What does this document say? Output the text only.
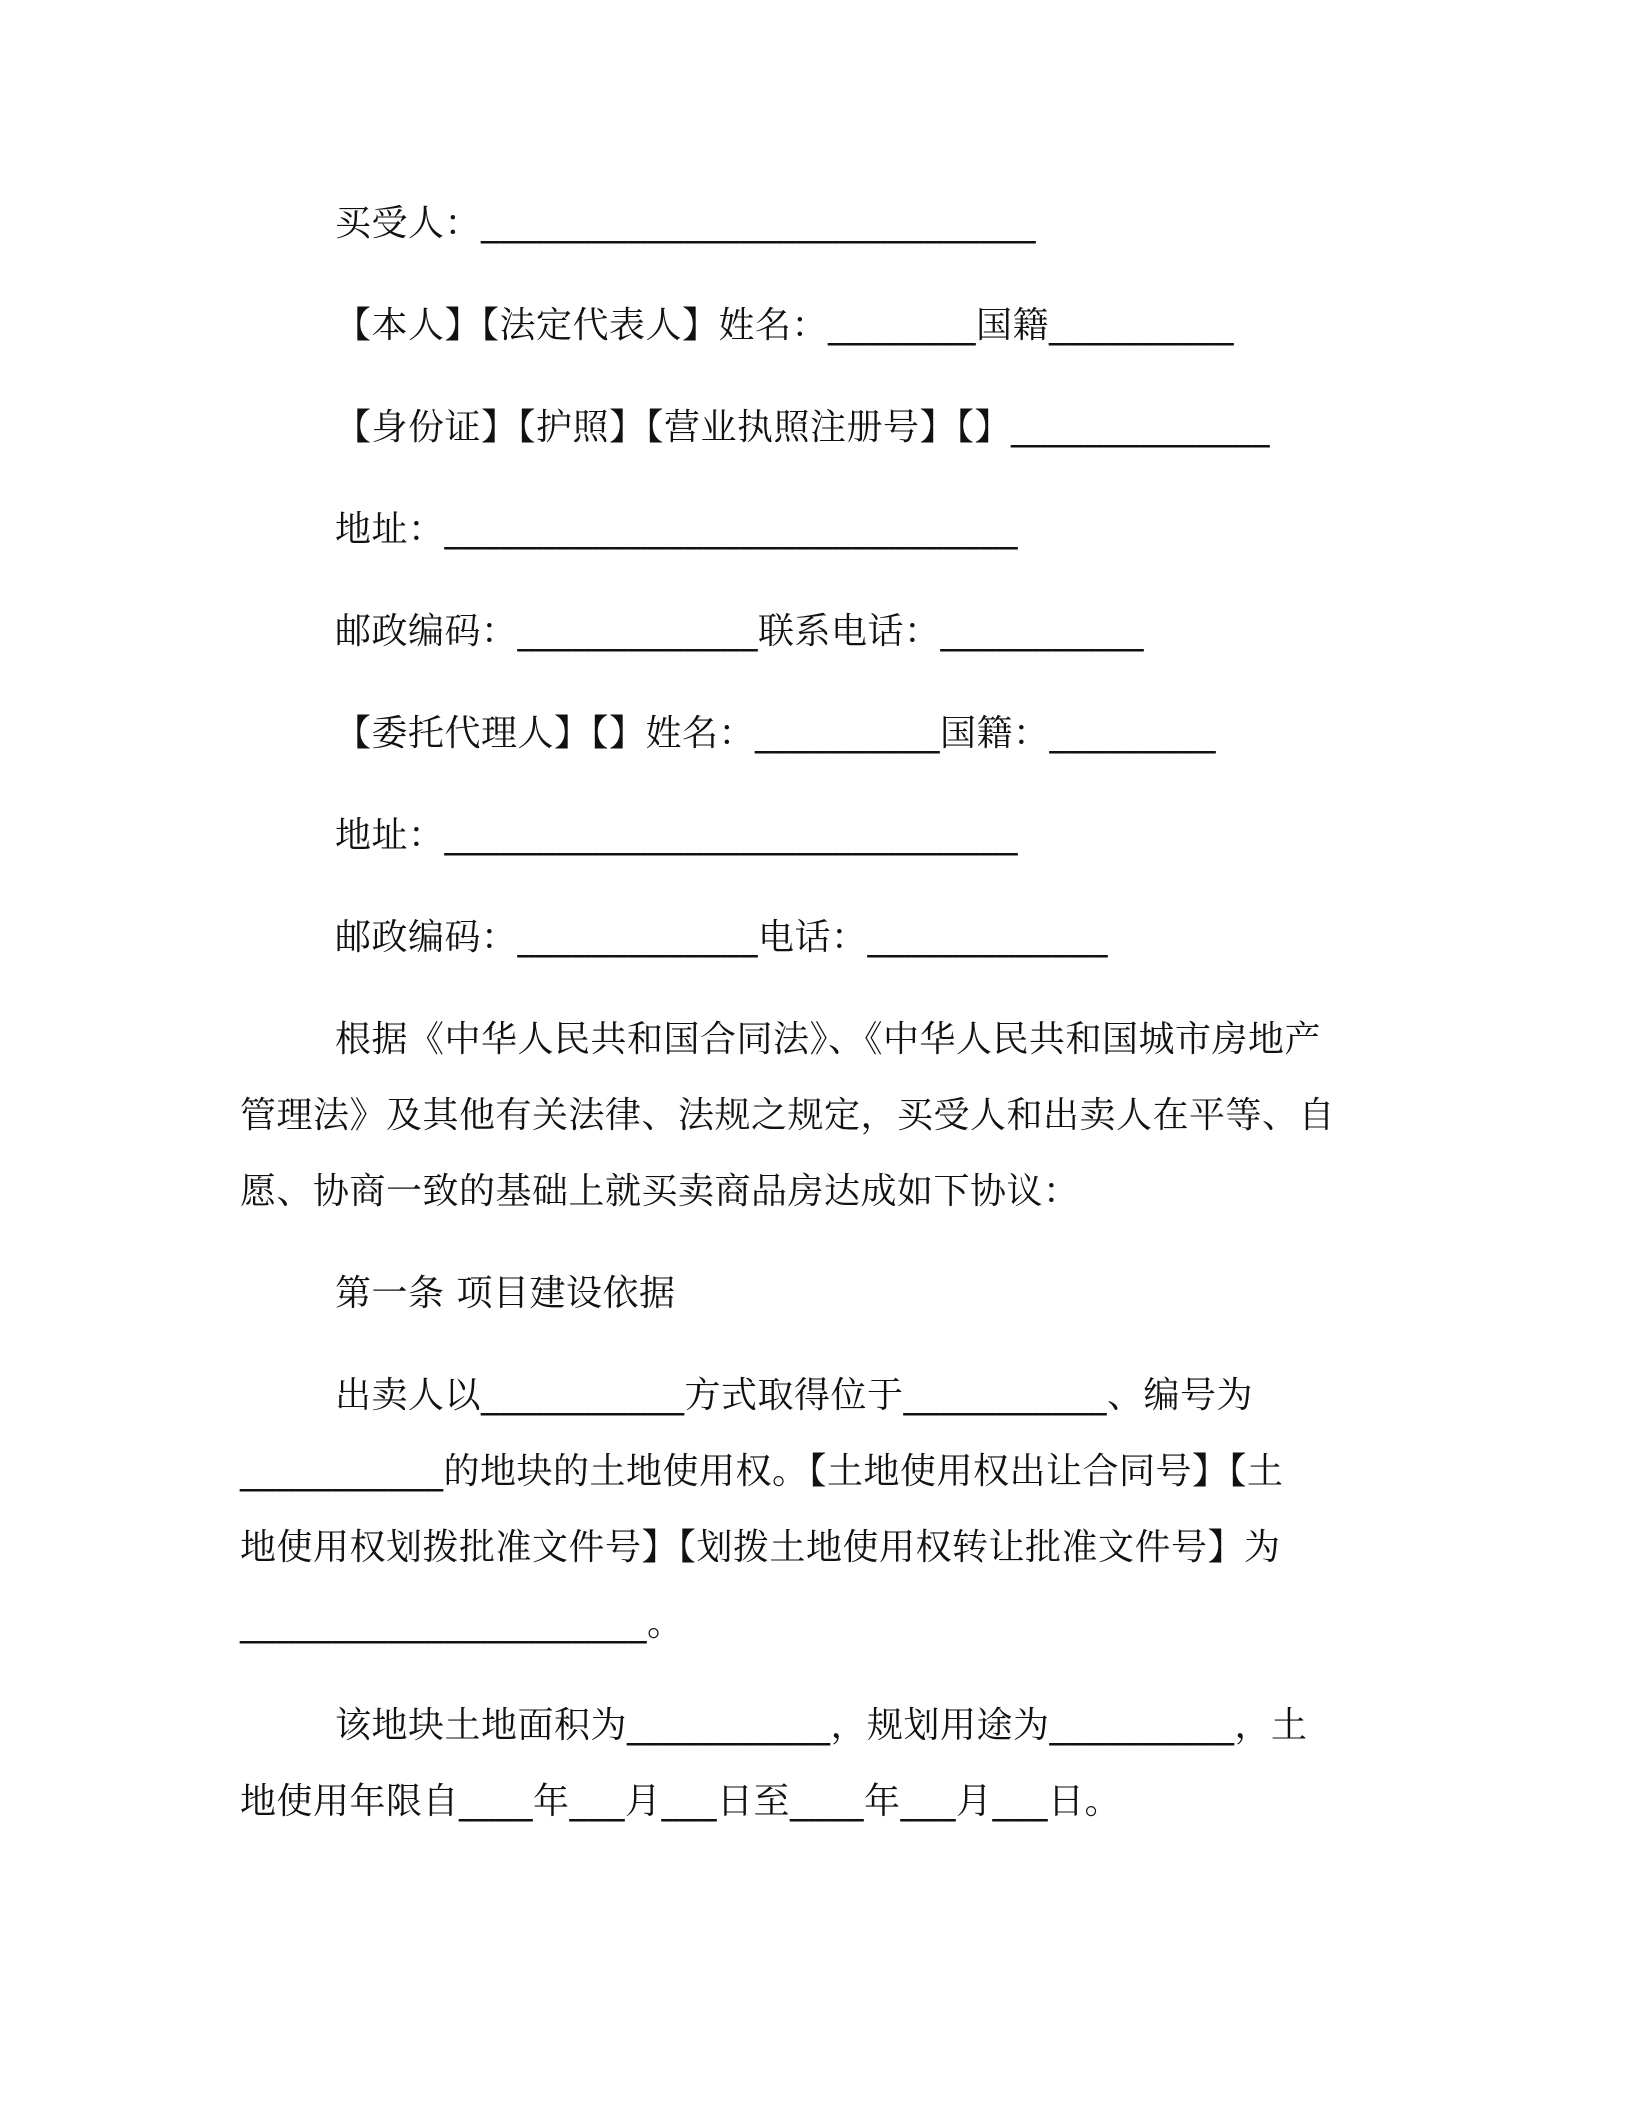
买受人：______________________________
【本人】【法定代表人】姓名：________国籍__________
【身份证】【护照】【营业执照注册号】【】______________
地址：_______________________________
邮政编码：_____________联系电话：___________
【委托代理人】【】姓名：__________国籍：_________
地址：_______________________________
邮政编码：_____________电话：_____________
根据《中华人民共和国合同法》、《中华人民共和国城市房地产
管理法》及其他有关法律、法规之规定，买受人和出卖人在平等、自
愿、协商一致的基础上就买卖商品房达成如下协议：
第一条 项目建设依据
出卖人以___________方式取得位于___________、编号为
___________的地块的土地使用权。【土地使用权出让合同号】【土
地使用权划拨批准文件号】【划拨土地使用权转让批准文件号】为
______________________。
该地块土地面积为___________，规划用途为__________，土
地使用年限自____年___月___日至____年___月___日。
